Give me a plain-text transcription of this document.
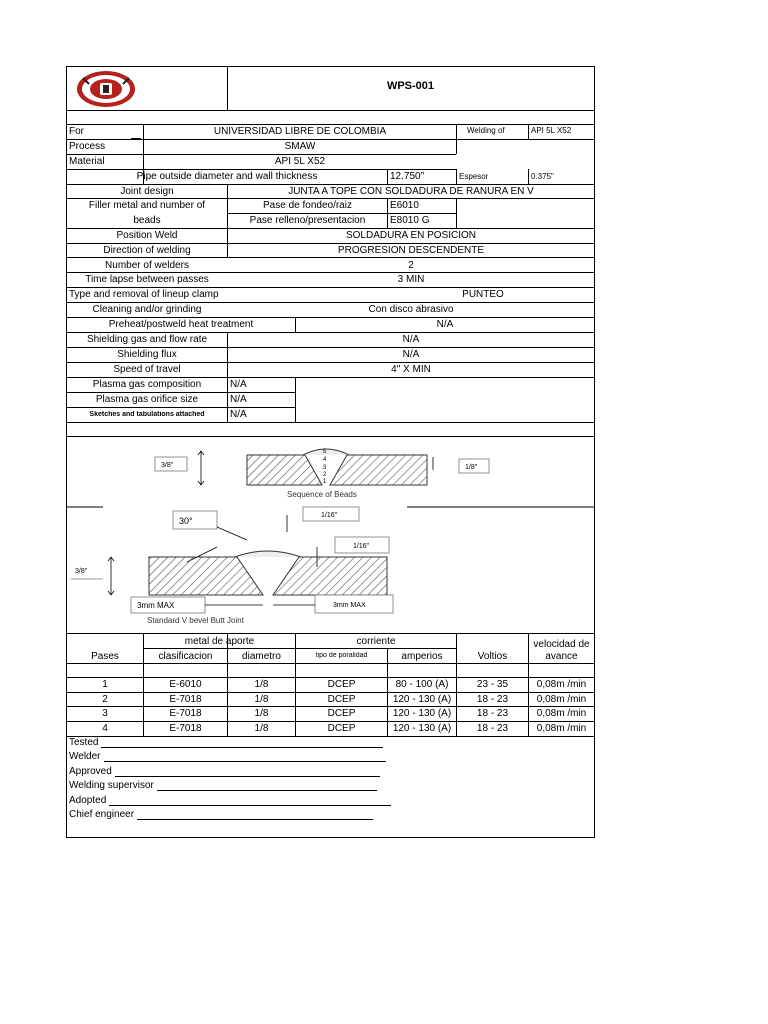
WPS-001
For	UNIVERSIDAD LIBRE DE COLOMBIA	Welding of	API 5L X52
Process	SMAW
Material	API 5L X52
Pipe outside diameter and wall thickness	12.750"	Espesor	0.375"
Joint design	JUNTA A TOPE CON SOLDADURA DE RANURA EN V
Filler metal and number of
beads
Pase de fondeo/raiz	E6010
Pase relleno/presentacion	E8010 G
Position Weld	SOLDADURA EN POSICION
Direction of welding	PROGRESION DESCENDENTE
Number of welders	2
Time lapse between passes	3 MIN
Type and removal of lineup clamp	PUNTEO
Cleaning and/or grinding	Con disco abrasivo
Preheat/postweld heat treatment	N/A
Shielding gas and flow rate	N/A
Shielding flux	N/A
Speed of travel	4" X MIN
Plasma gas composition	N/A
Plasma gas orifice size	N/A
Sketches and tabulations attached	N/A
3/8"
5
4
3
2
1
1/8"
Sequence of Beads
30°
1/16"
1/16"
3/8"
3mm MAX	3mm MAX
Standard V bevel Butt Joint
Pases
metal de aporte	corriente
clasificacion	diametro	tipo de poralidad	amperios	Voltios
velocidad de
avance
1	E-6010	1/8	DCEP	80 - 100 (A)	23 - 35	0,08m /min
2	E-7018	1/8	DCEP	120 - 130 (A)	18 - 23	0,08m /min
3	E-7018	1/8	DCEP	120 - 130 (A)	18 - 23	0,08m /min
4	E-7018	1/8	DCEP	120 - 130 (A)	18 - 23	0,08m /min
Tested
Welder
Approved
Welding supervisor
Adopted
Chief engineer
